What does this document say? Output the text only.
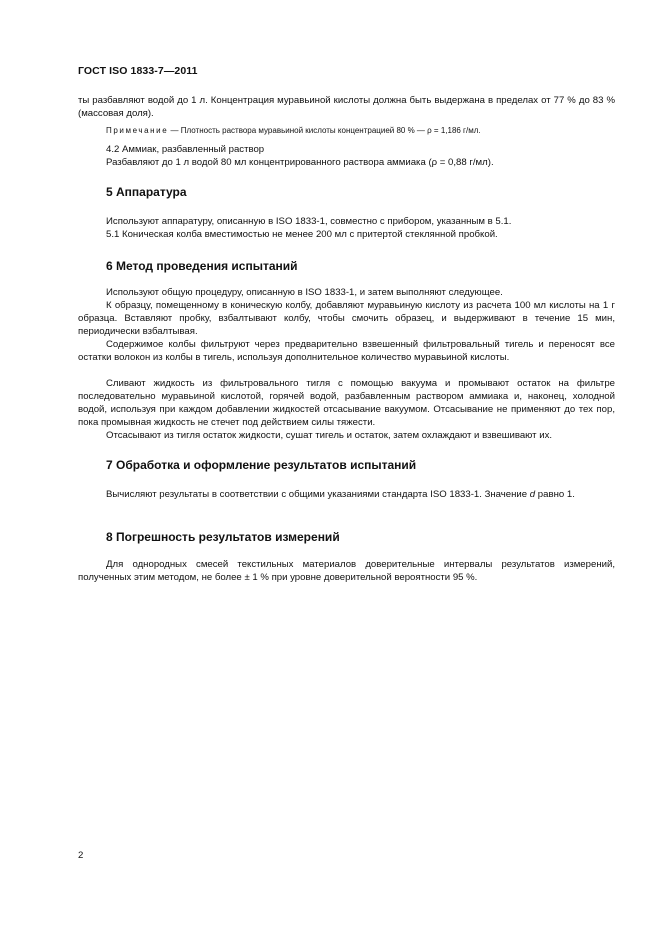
ГОСТ ISO 1833-7—2011

ты разбавляют водой до 1 л. Концентрация муравьиной кислоты должна быть выдержана в пределах от 77 % до 83 % (массовая доля).

Примечание — Плотность раствора муравьиной кислоты концентрацией 80 % — ρ = 1,186 г/мл.

4.2 Аммиак, разбавленный раствор

Разбавляют до 1 л водой 80 мл концентрированного раствора аммиака (ρ = 0,88 г/мл).

5 Аппаратура

Используют аппаратуру, описанную в ISO 1833-1, совместно с прибором, указанным в 5.1.

5.1 Коническая колба вместимостью не менее 200 мл с притертой стеклянной пробкой.

6 Метод проведения испытаний

Используют общую процедуру, описанную в ISO 1833-1, и затем выполняют следующее.

К образцу, помещенному в коническую колбу, добавляют муравьиную кислоту из расчета 100 мл кислоты на 1 г образца. Вставляют пробку, взбалтывают колбу, чтобы смочить образец, и выдерживают в течение 15 мин, периодически взбалтывая.

Содержимое колбы фильтруют через предварительно взвешенный фильтровальный тигель и переносят все остатки волокон из колбы в тигель, используя дополнительное количество муравьиной кислоты.

Сливают жидкость из фильтровального тигля с помощью вакуума и промывают остаток на фильтре последовательно муравьиной кислотой, горячей водой, разбавленным раствором аммиака и, наконец, холодной водой, используя при каждом добавлении жидкостей отсасывание вакуумом. Отсасывание не применяют до тех пор, пока промывная жидкость не стечет под действием силы тяжести.

Отсасывают из тигля остаток жидкости, сушат тигель и остаток, затем охлаждают и взвешивают их.

7 Обработка и оформление результатов испытаний

Вычисляют результаты в соответствии с общими указаниями стандарта ISO 1833-1. Значение d равно 1.

8 Погрешность результатов измерений

Для однородных смесей текстильных материалов доверительные интервалы результатов измерений, полученных этим методом, не более ± 1 % при уровне доверительной вероятности 95 %.

2
